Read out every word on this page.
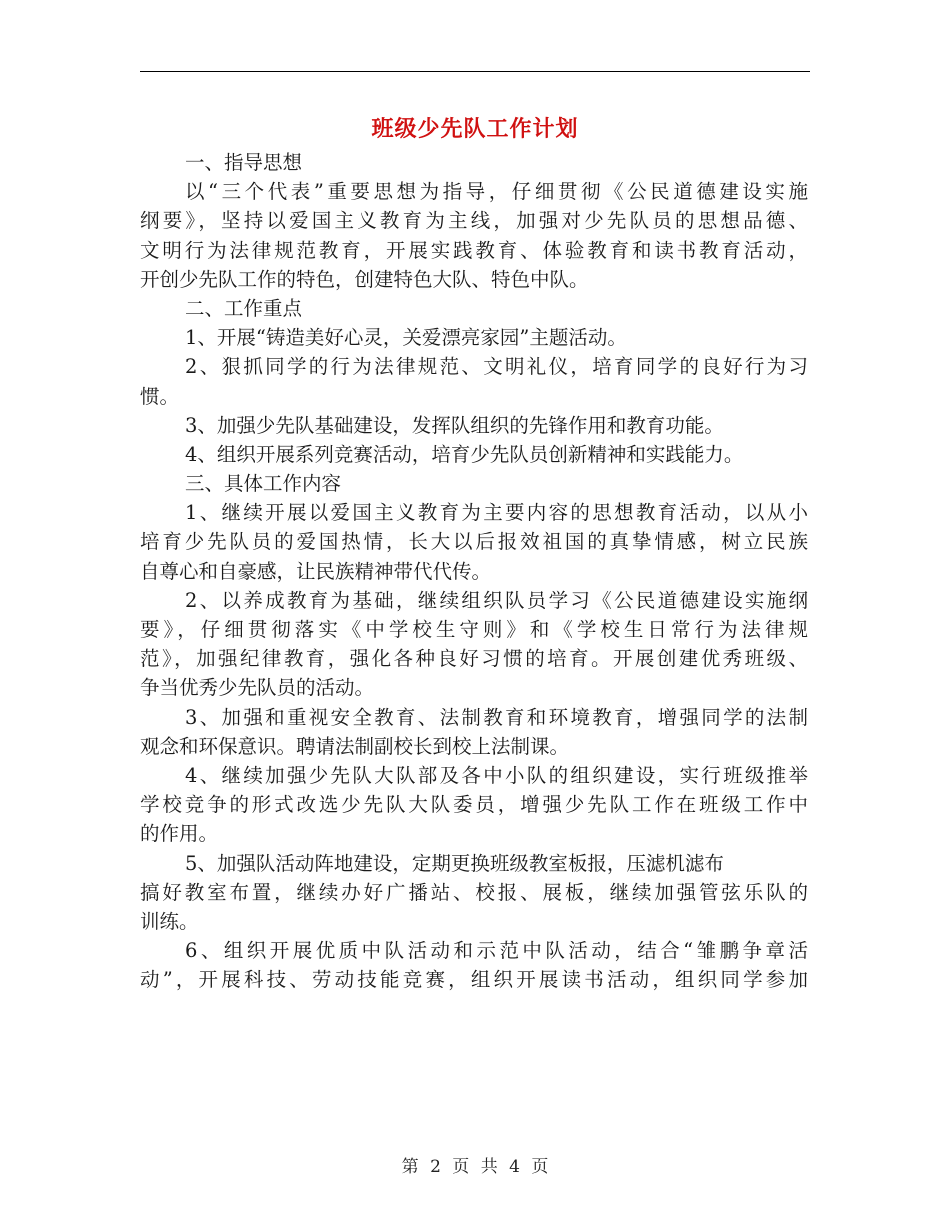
班级少先队工作计划
一、指导思想
以“三个代表”重要思想为指导，仔细贯彻《公民道德建设实施
纲要》，坚持以爱国主义教育为主线，加强对少先队员的思想品德、
文明行为法律规范教育，开展实践教育、体验教育和读书教育活动，
开创少先队工作的特色，创建特色大队、特色中队。
二、工作重点
1、开展“铸造美好心灵，关爱漂亮家园”主题活动。
2、狠抓同学的行为法律规范、文明礼仪，培育同学的良好行为习
惯。
3、加强少先队基础建设，发挥队组织的先锋作用和教育功能。
4、组织开展系列竞赛活动，培育少先队员创新精神和实践能力。
三、具体工作内容
1、继续开展以爱国主义教育为主要内容的思想教育活动，以从小
培育少先队员的爱国热情，长大以后报效祖国的真挚情感，树立民族
自尊心和自豪感，让民族精神带代代传。
2、以养成教育为基础，继续组织队员学习《公民道德建设实施纲
要》，仔细贯彻落实《中学校生守则》和《学校生日常行为法律规
范》，加强纪律教育，强化各种良好习惯的培育。开展创建优秀班级、
争当优秀少先队员的活动。
3、加强和重视安全教育、法制教育和环境教育，增强同学的法制
观念和环保意识。聘请法制副校长到校上法制课。
4、继续加强少先队大队部及各中小队的组织建设，实行班级推举
学校竞争的形式改选少先队大队委员，增强少先队工作在班级工作中
的作用。
5、加强队活动阵地建设，定期更换班级教室板报，压滤机滤布
搞好教室布置，继续办好广播站、校报、展板，继续加强管弦乐队的
训练。
6、组织开展优质中队活动和示范中队活动，结合“雏鹏争章活
动”，开展科技、劳动技能竞赛，组织开展读书活动，组织同学参加
第 2 页 共 4 页
